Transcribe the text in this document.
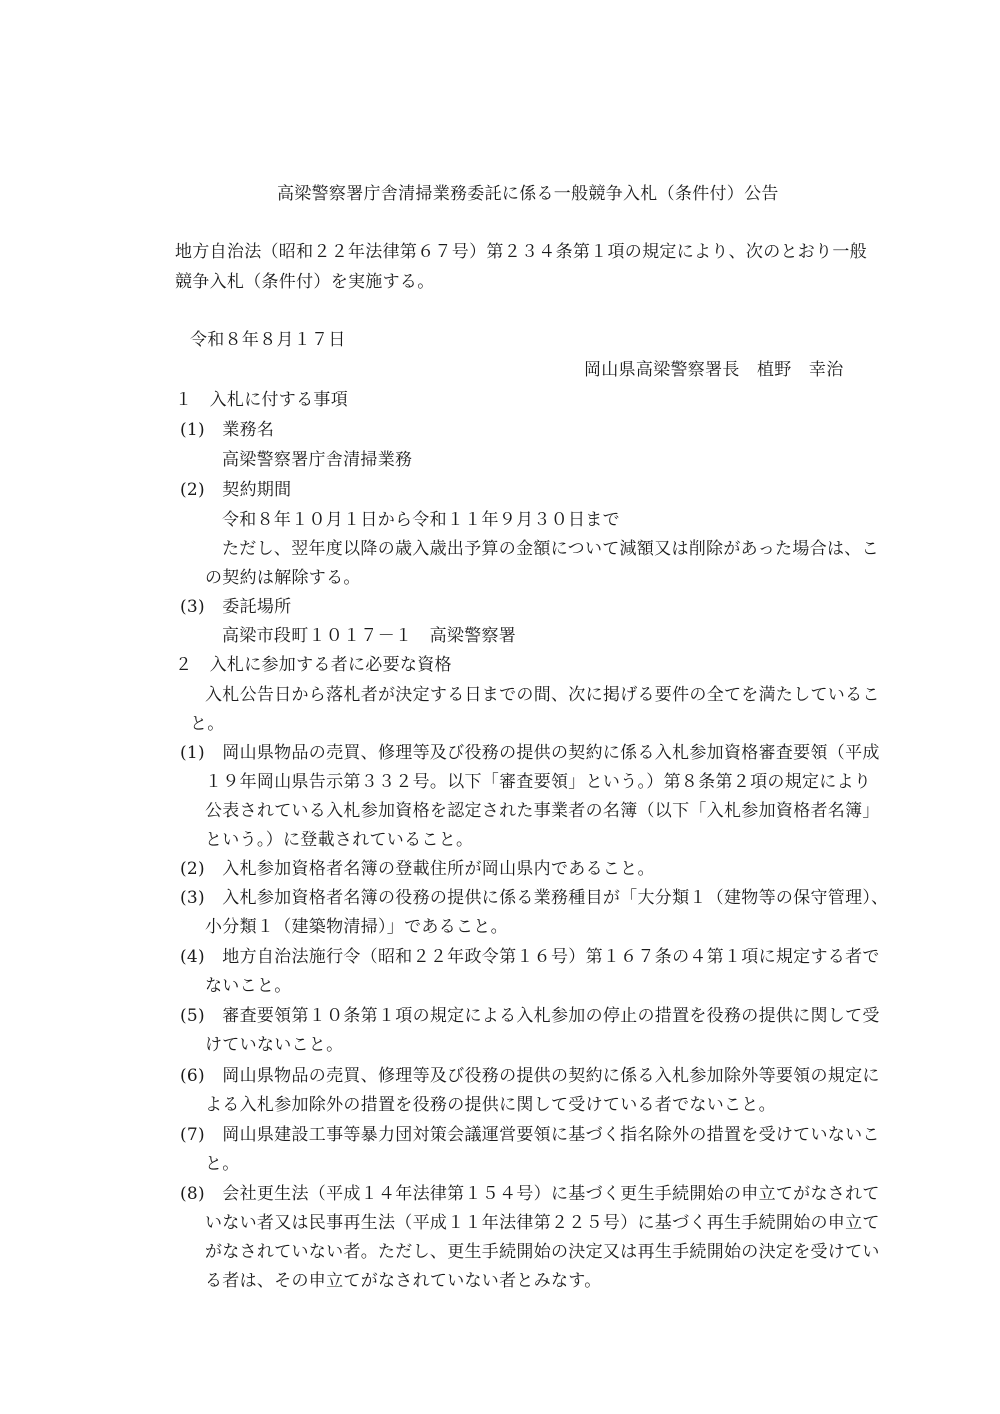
高梁警察署庁舎清掃業務委託に係る一般競争入札（条件付）公告
地方自治法（昭和２２年法律第６７号）第２３４条第１項の規定により、次のとおり一般
競争入札（条件付）を実施する。
令和８年８月１７日
岡山県高梁警察署長　植野　幸治
１　入札に付する事項
(1)　業務名
高梁警察署庁舎清掃業務
(2)　契約期間
令和８年１０月１日から令和１１年９月３０日まで
ただし、翌年度以降の歳入歳出予算の金額について減額又は削除があった場合は、こ
の契約は解除する。
(3)　委託場所
高梁市段町１０１７－１　高梁警察署
２　入札に参加する者に必要な資格
入札公告日から落札者が決定する日までの間、次に掲げる要件の全てを満たしているこ
と。
(1)　岡山県物品の売買、修理等及び役務の提供の契約に係る入札参加資格審査要領（平成
１９年岡山県告示第３３２号。以下「審査要領」という。）第８条第２項の規定により
公表されている入札参加資格を認定された事業者の名簿（以下「入札参加資格者名簿」
という。）に登載されていること。
(2)　入札参加資格者名簿の登載住所が岡山県内であること。
(3)　入札参加資格者名簿の役務の提供に係る業務種目が「大分類１（建物等の保守管理）、
小分類１（建築物清掃）」であること。
(4)　地方自治法施行令（昭和２２年政令第１６号）第１６７条の４第１項に規定する者で
ないこと。
(5)　審査要領第１０条第１項の規定による入札参加の停止の措置を役務の提供に関して受
けていないこと。
(6)　岡山県物品の売買、修理等及び役務の提供の契約に係る入札参加除外等要領の規定に
よる入札参加除外の措置を役務の提供に関して受けている者でないこと。
(7)　岡山県建設工事等暴力団対策会議運営要領に基づく指名除外の措置を受けていないこ
と。
(8)　会社更生法（平成１４年法律第１５４号）に基づく更生手続開始の申立てがなされて
いない者又は民事再生法（平成１１年法律第２２５号）に基づく再生手続開始の申立て
がなされていない者。ただし、更生手続開始の決定又は再生手続開始の決定を受けてい
る者は、その申立てがなされていない者とみなす。
